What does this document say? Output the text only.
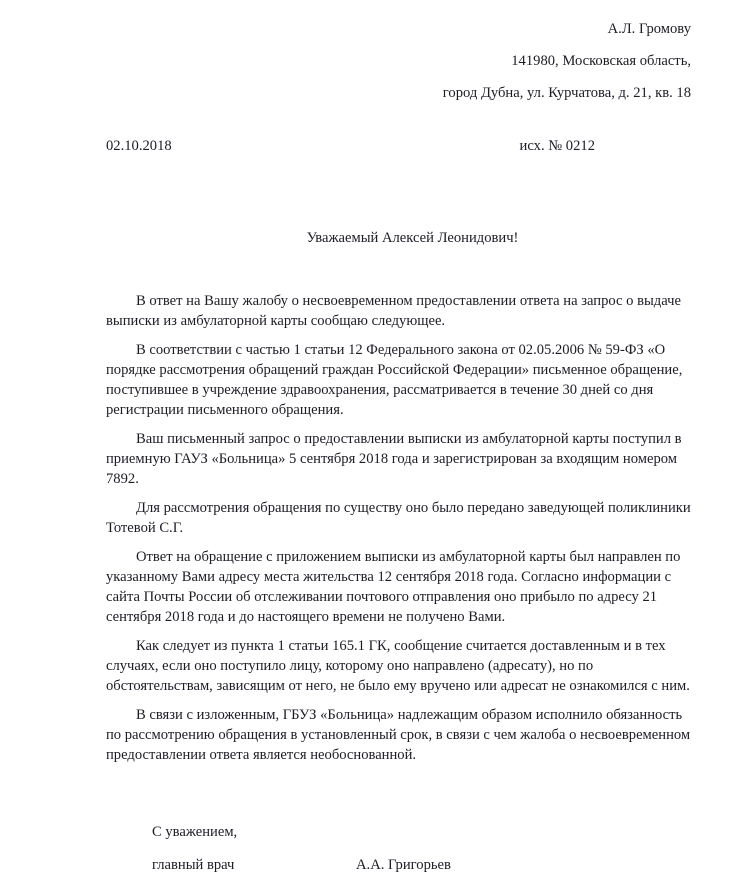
А.Л. Громову
141980, Московская область,
город Дубна, ул. Курчатова, д. 21, кв. 18
02.10.2018	исх. № 0212
Уважаемый Алексей Леонидович!

В ответ на Вашу жалобу о несвоевременном предоставлении ответа на запрос о выдаче выписки из амбулаторной карты сообщаю следующее.

В соответствии с частью 1 статьи 12 Федерального закона от 02.05.2006 № 59-ФЗ «О порядке рассмотрения обращений граждан Российской Федерации» письменное обращение, поступившее в учреждение здравоохранения, рассматривается в течение 30 дней со дня регистрации письменного обращения.

Ваш письменный запрос о предоставлении выписки из амбулаторной карты поступил в приемную ГАУЗ «Больница» 5 сентября 2018 года и зарегистрирован за входящим номером 7892.

Для рассмотрения обращения по существу оно было передано заведующей поликлиники Тотевой С.Г.

Ответ на обращение с приложением выписки из амбулаторной карты был направлен по указанному Вами адресу места жительства 12 сентября 2018 года. Согласно информации с сайта Почты России об отслеживании почтового отправления оно прибыло по адресу 21 сентября 2018 года и до настоящего времени не получено Вами.

Как следует из пункта 1 статьи 165.1 ГК, сообщение считается доставленным и в тех случаях, если оно поступило лицу, которому оно направлено (адресату), но по обстоятельствам, зависящим от него, не было ему вручено или адресат не ознакомился с ним.

В связи с изложенным, ГБУЗ «Больница» надлежащим образом исполнило обязанность по рассмотрению обращения в установленный срок, в связи с чем жалоба о несвоевременном предоставлении ответа является необоснованной.

С уважением,
главный врач	А.А. Григорьев
